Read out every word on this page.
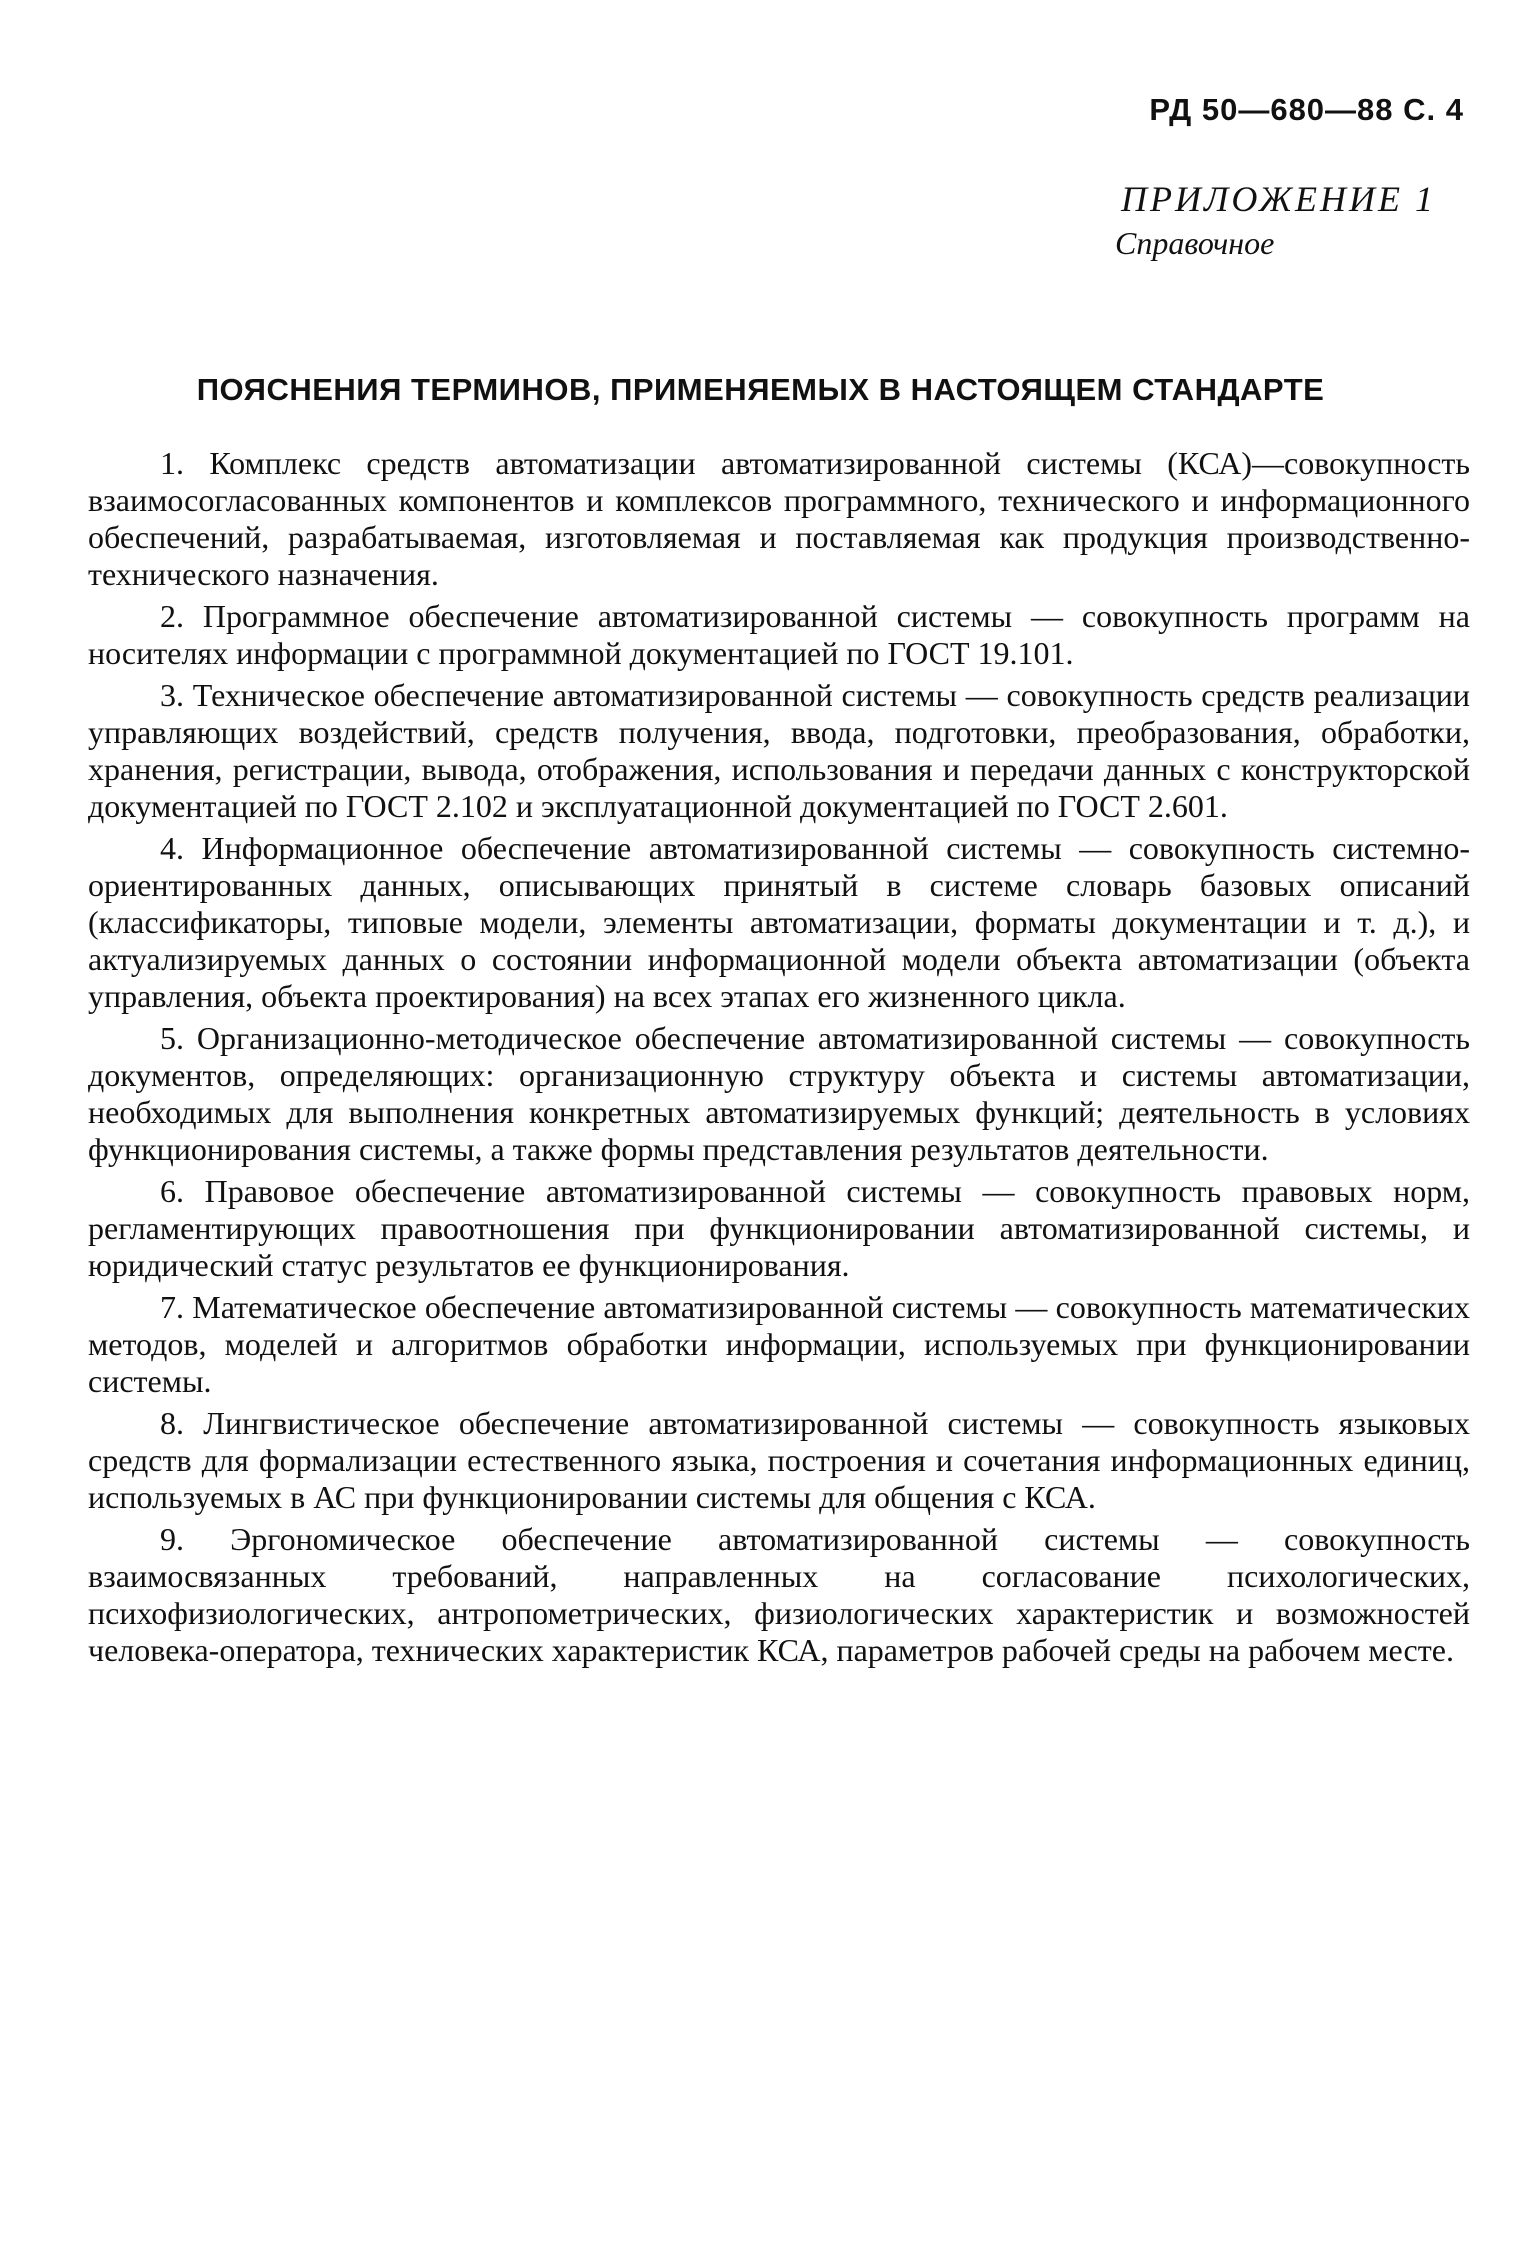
РД 50—680—88 С. 4
ПРИЛОЖЕНИЕ 1
Справочное
ПОЯСНЕНИЯ ТЕРМИНОВ, ПРИМЕНЯЕМЫХ В НАСТОЯЩЕМ СТАНДАРТЕ
1. Комплекс средств автоматизации автоматизированной системы (КСА)—совокупность взаимосогласованных компонентов и комплексов программного, технического и информационного обеспечений, разрабатываемая, изготовляемая и поставляемая как продукция производственно-технического назначения.
2. Программное обеспечение автоматизированной системы — совокупность программ на носителях информации с программной документацией по ГОСТ 19.101.
3. Техническое обеспечение автоматизированной системы — совокупность средств реализации управляющих воздействий, средств получения, ввода, подготовки, преобразования, обработки, хранения, регистрации, вывода, отображения, использования и передачи данных с конструкторской документацией по ГОСТ 2.102 и эксплуатационной документацией по ГОСТ 2.601.
4. Информационное обеспечение автоматизированной системы — совокупность системно-ориентированных данных, описывающих принятый в системе словарь базовых описаний (классификаторы, типовые модели, элементы автоматизации, форматы документации и т. д.), и актуализируемых данных о состоянии информационной модели объекта автоматизации (объекта управления, объекта проектирования) на всех этапах его жизненного цикла.
5. Организационно-методическое обеспечение автоматизированной системы — совокупность документов, определяющих: организационную структуру объекта и системы автоматизации, необходимых для выполнения конкретных автоматизируемых функций; деятельность в условиях функционирования системы, а также формы представления результатов деятельности.
6. Правовое обеспечение автоматизированной системы — совокупность правовых норм, регламентирующих правоотношения при функционировании автоматизированной системы, и юридический статус результатов ее функционирования.
7. Математическое обеспечение автоматизированной системы — совокупность математических методов, моделей и алгоритмов обработки информации, используемых при функционировании системы.
8. Лингвистическое обеспечение автоматизированной системы — совокупность языковых средств для формализации естественного языка, построения и сочетания информационных единиц, используемых в АС при функционировании системы для общения с КСА.
9. Эргономическое обеспечение автоматизированной системы — совокупность взаимосвязанных требований, направленных на согласование психологических, психофизиологических, антропометрических, физиологических характеристик и возможностей человека-оператора, технических характеристик КСА, параметров рабочей среды на рабочем месте.
